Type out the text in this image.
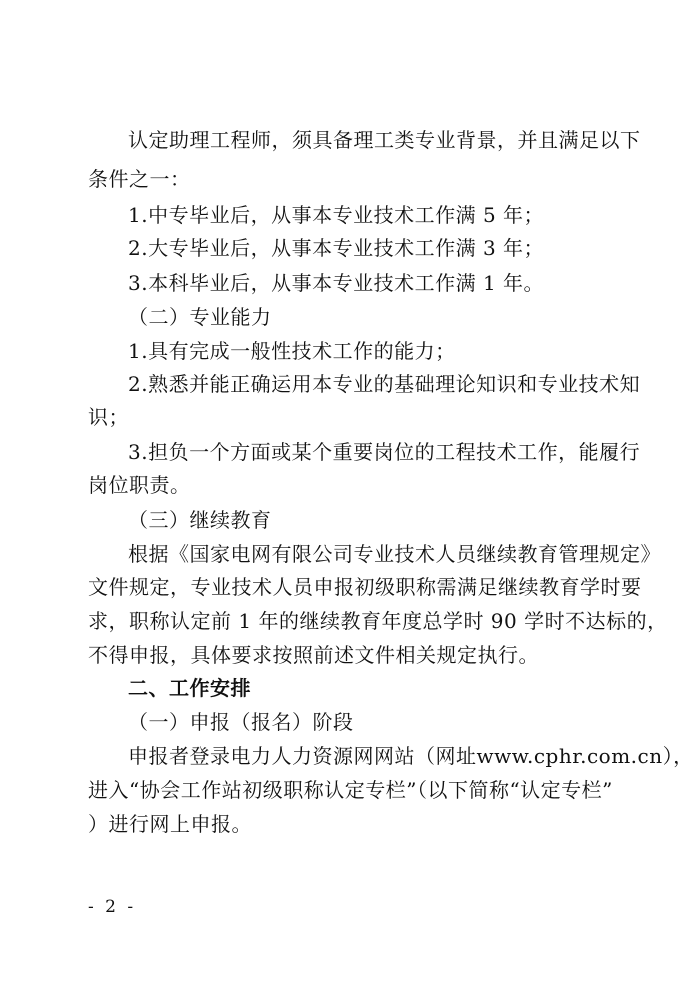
认定助理工程师，须具备理工类专业背景，并且满足以下
条件之一：
1.中专毕业后，从事本专业技术工作满 5 年；
2.大专毕业后，从事本专业技术工作满 3 年；
3.本科毕业后，从事本专业技术工作满 1 年。
（二）专业能力
1.具有完成一般性技术工作的能力；
2.熟悉并能正确运用本专业的基础理论知识和专业技术知
识；
3.担负一个方面或某个重要岗位的工程技术工作，能履行
岗位职责。
（三）继续教育
根据《国家电网有限公司专业技术人员继续教育管理规定》
文件规定，专业技术人员申报初级职称需满足继续教育学时要
求，职称认定前 1 年的继续教育年度总学时 90 学时不达标的，
不得申报，具体要求按照前述文件相关规定执行。
二、工作安排
（一）申报（报名）阶段
申报者登录电力人力资源网网站（网址www.cphr.com.cn），
进入“协会工作站初级职称认定专栏”（以下简称“认定专栏”
）进行网上申报。
- 2 -
